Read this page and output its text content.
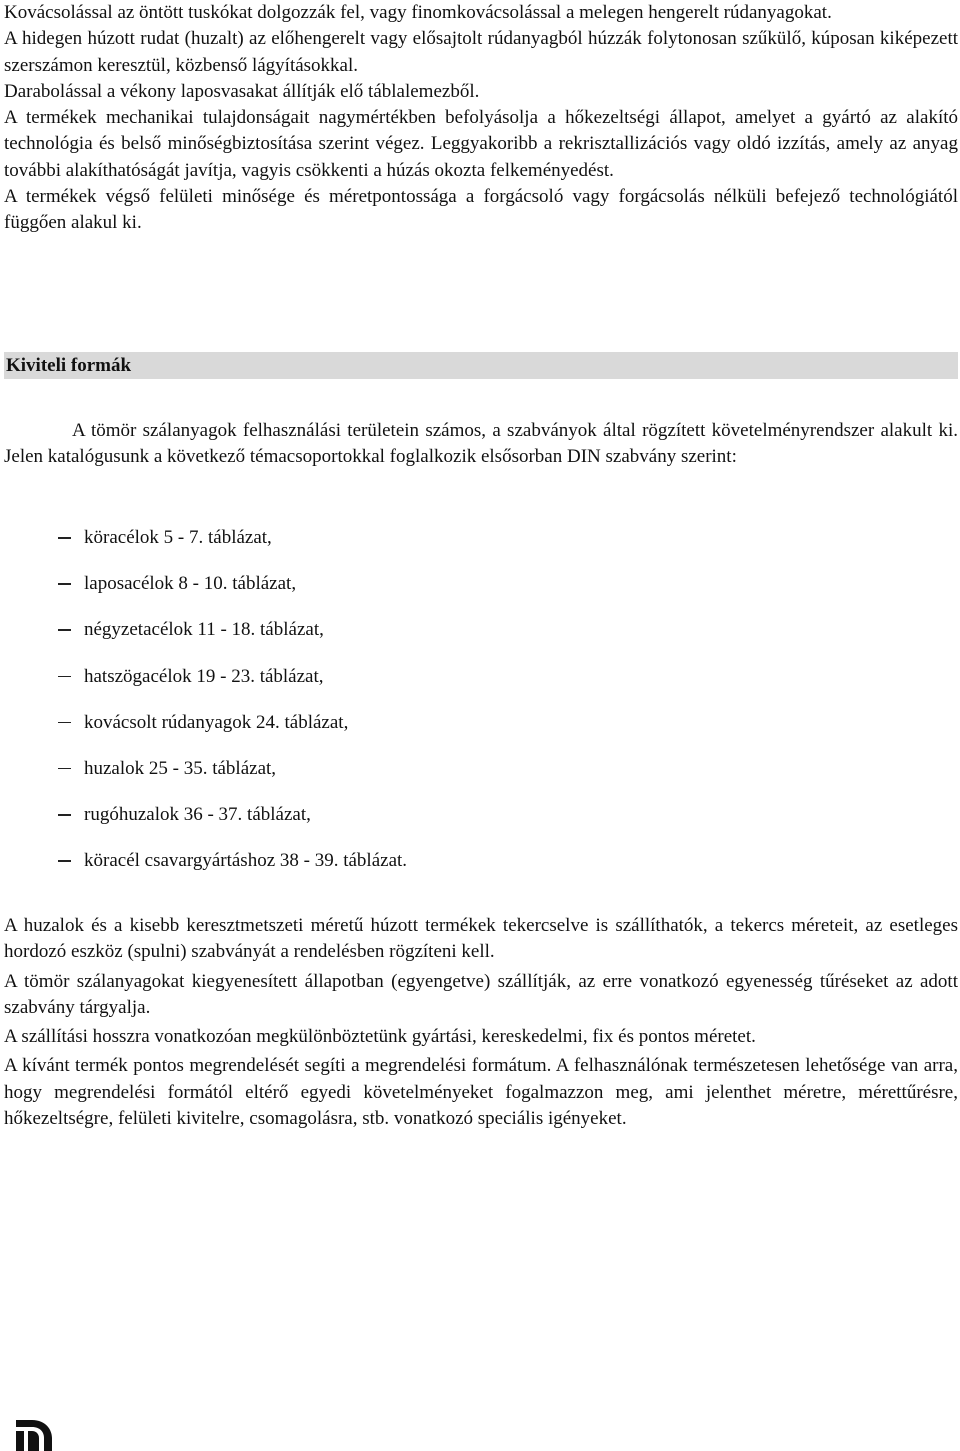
Kovácsolással az öntött tuskókat dolgozzák fel, vagy finomkovácsolással a melegen hengerelt rúdanyagokat.

A hidegen húzott rudat (huzalt) az előhengerelt vagy elősajtolt rúdanyagból húzzák folytonosan szűkülő, kúposan kiképezett szerszámon keresztül, közbenső lágyításokkal.

Darabolással a vékony laposvasakat állítják elő táblalemezből.

A termékek mechanikai tulajdonságait nagymértékben befolyásolja a hőkezeltségi állapot, amelyet a gyártó az alakító technológia és belső minőségbiztosítása szerint végez. Leggyakoribb a rekrisztallizációs vagy oldó izzítás, amely az anyag további alakíthatóságát javítja, vagyis csökkenti a húzás okozta felkeményedést.

A termékek végső felületi minősége és méretpontossága a forgácsoló vagy forgácsolás nélküli befejező technológiától függően alakul ki.

Kiviteli formák

A tömör szálanyagok felhasználási területein számos, a szabványok által rögzített követelményrendszer alakult ki. Jelen katalógusunk a következő témacsoportokkal foglalkozik elsősorban DIN szabvány szerint:

köracélok 5 - 7. táblázat,
laposacélok 8 - 10. táblázat,
négyzetacélok 11 - 18. táblázat,
hatszögacélok 19 - 23. táblázat,
kovácsolt rúdanyagok 24. táblázat,
huzalok 25 - 35. táblázat,
rugóhuzalok 36 - 37. táblázat,
köracél csavargyártáshoz 38 - 39. táblázat.

A huzalok és a kisebb keresztmetszeti méretű húzott termékek tekercselve is szállíthatók, a tekercs méreteit, az esetleges hordozó eszköz (spulni) szabványát a rendelésben rögzíteni kell.

A tömör szálanyagokat kiegyenesített állapotban (egyengetve) szállítják, az erre vonatkozó egyenesség tűréseket az adott szabvány tárgyalja.

A szállítási hosszra vonatkozóan megkülönböztetünk gyártási, kereskedelmi, fix és pontos méretet.

A kívánt termék pontos megrendelését segíti a megrendelési formátum. A felhasználónak természetesen lehetősége van arra, hogy megrendelési formától eltérő egyedi követelményeket fogalmazzon meg, ami jelenthet méretre, mérettűrésre, hőkezeltségre, felületi kivitelre, csomagolásra, stb. vonatkozó speciális igényeket.
